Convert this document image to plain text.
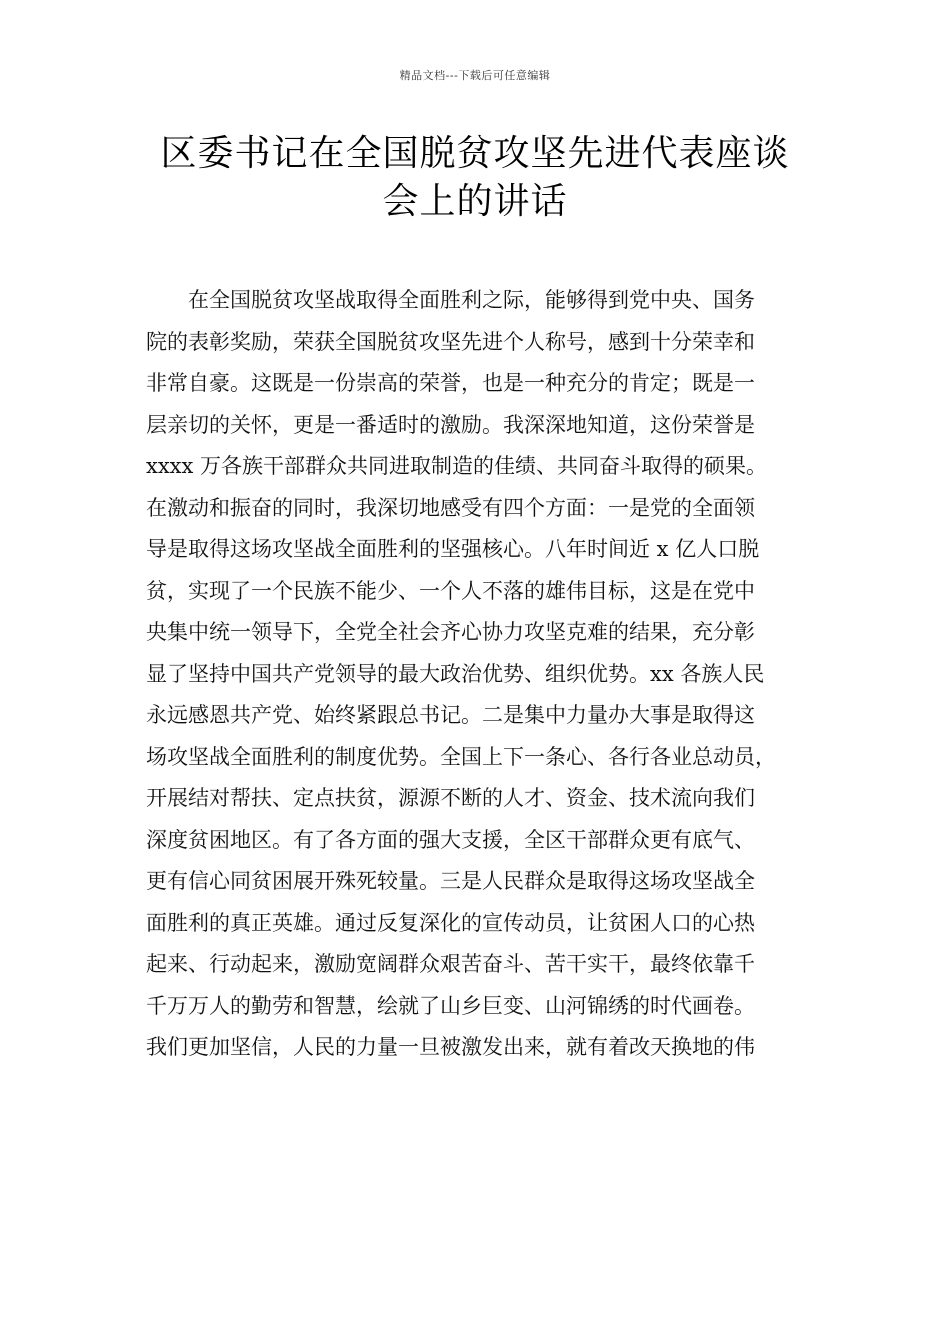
精品文档---下载后可任意编辑
区委书记在全国脱贫攻坚先进代表座谈
会上的讲话
　　在全国脱贫攻坚战取得全面胜利之际，能够得到党中央、国务
院的表彰奖励，荣获全国脱贫攻坚先进个人称号，感到十分荣幸和
非常自豪。这既是一份崇高的荣誉，也是一种充分的肯定；既是一
层亲切的关怀，更是一番适时的激励。我深深地知道，这份荣誉是
xxxx 万各族干部群众共同进取制造的佳绩、共同奋斗取得的硕果。
在激动和振奋的同时，我深切地感受有四个方面：一是党的全面领
导是取得这场攻坚战全面胜利的坚强核心。八年时间近 x 亿人口脱
贫，实现了一个民族不能少、一个人不落的雄伟目标，这是在党中
央集中统一领导下，全党全社会齐心协力攻坚克难的结果，充分彰
显了坚持中国共产党领导的最大政治优势、组织优势。xx 各族人民
永远感恩共产党、始终紧跟总书记。二是集中力量办大事是取得这
场攻坚战全面胜利的制度优势。全国上下一条心、各行各业总动员，
开展结对帮扶、定点扶贫，源源不断的人才、资金、技术流向我们
深度贫困地区。有了各方面的强大支援，全区干部群众更有底气、
更有信心同贫困展开殊死较量。三是人民群众是取得这场攻坚战全
面胜利的真正英雄。通过反复深化的宣传动员，让贫困人口的心热
起来、行动起来，激励宽阔群众艰苦奋斗、苦干实干，最终依靠千
千万万人的勤劳和智慧，绘就了山乡巨变、山河锦绣的时代画卷。
我们更加坚信，人民的力量一旦被激发出来，就有着改天换地的伟
